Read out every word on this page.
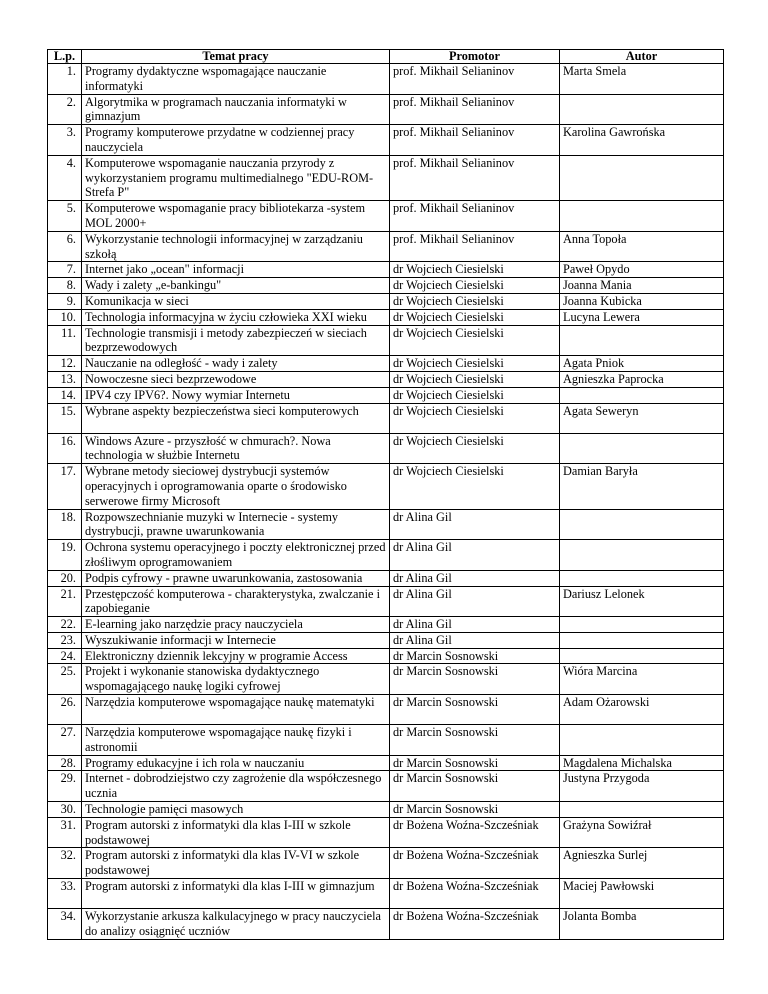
L.p.	Temat pracy	Promotor	Autor
1.	Programy dydaktyczne wspomagające nauczanie informatyki	prof. Mikhail Selianinov	Marta Smela
2.	Algorytmika w programach nauczania informatyki w gimnazjum	prof. Mikhail Selianinov	
3.	Programy komputerowe przydatne w codziennej pracy nauczyciela	prof. Mikhail Selianinov	Karolina Gawrońska
4.	Komputerowe wspomaganie nauczania przyrody z wykorzystaniem programu multimedialnego "EDU-ROM-Strefa P"	prof. Mikhail Selianinov	
5.	Komputerowe wspomaganie pracy bibliotekarza -system MOL 2000+	prof. Mikhail Selianinov	
6.	Wykorzystanie technologii informacyjnej w zarządzaniu szkołą	prof. Mikhail Selianinov	Anna Topoła
7.	Internet jako „ocean" informacji	dr Wojciech Ciesielski	Paweł Opydo
8.	Wady i zalety „e-bankingu"	dr Wojciech Ciesielski	Joanna Mania
9.	Komunikacja w sieci	dr Wojciech Ciesielski	Joanna Kubicka
10.	Technologia informacyjna w życiu człowieka XXI wieku	dr Wojciech Ciesielski	Lucyna Lewera
11.	Technologie transmisji i metody zabezpieczeń w sieciach bezprzewodowych	dr Wojciech Ciesielski	
12.	Nauczanie na odległość - wady i zalety	dr Wojciech Ciesielski	Agata Pniok
13.	Nowoczesne sieci bezprzewodowe	dr Wojciech Ciesielski	Agnieszka Paprocka
14.	IPV4 czy IPV6?. Nowy wymiar Internetu	dr Wojciech Ciesielski	
15.	Wybrane aspekty bezpieczeństwa sieci komputerowych	dr Wojciech Ciesielski	Agata Seweryn
16.	Windows Azure - przyszłość w chmurach?. Nowa technologia w służbie Internetu	dr Wojciech Ciesielski	
17.	Wybrane metody sieciowej dystrybucji systemów operacyjnych i oprogramowania oparte o środowisko serwerowe firmy Microsoft	dr Wojciech Ciesielski	Damian Baryła
18.	Rozpowszechnianie muzyki w Internecie - systemy dystrybucji, prawne uwarunkowania	dr Alina Gil	
19.	Ochrona systemu operacyjnego i poczty elektronicznej przed złośliwym oprogramowaniem	dr Alina Gil	
20.	Podpis cyfrowy - prawne uwarunkowania, zastosowania	dr Alina Gil	
21.	Przestępczość komputerowa - charakterystyka, zwalczanie i zapobieganie	dr Alina Gil	Dariusz Lelonek
22.	E-learning jako narzędzie pracy nauczyciela	dr Alina Gil	
23.	Wyszukiwanie informacji w Internecie	dr Alina Gil	
24.	Elektroniczny dziennik lekcyjny w programie Access	dr Marcin Sosnowski	
25.	Projekt i wykonanie stanowiska dydaktycznego wspomagającego naukę logiki cyfrowej	dr Marcin Sosnowski	Wióra Marcina
26.	Narzędzia komputerowe wspomagające naukę matematyki	dr Marcin Sosnowski	Adam Ożarowski
27.	Narzędzia komputerowe wspomagające naukę fizyki i astronomii	dr Marcin Sosnowski	
28.	Programy edukacyjne i ich rola w nauczaniu	dr Marcin Sosnowski	Magdalena Michalska
29.	Internet - dobrodziejstwo czy zagrożenie dla współczesnego ucznia	dr Marcin Sosnowski	Justyna Przygoda
30.	Technologie pamięci masowych	dr Marcin Sosnowski	
31.	Program autorski z informatyki dla klas I-III w szkole podstawowej	dr Bożena Woźna-Szcześniak	Grażyna Sowiźrał
32.	Program autorski z informatyki dla klas IV-VI w szkole podstawowej	dr Bożena Woźna-Szcześniak	Agnieszka Surlej
33.	Program autorski z informatyki dla klas I-III w gimnazjum	dr Bożena Woźna-Szcześniak	Maciej Pawłowski
34.	Wykorzystanie arkusza kalkulacyjnego w pracy nauczyciela do analizy osiągnięć uczniów	dr Bożena Woźna-Szcześniak	Jolanta Bomba
